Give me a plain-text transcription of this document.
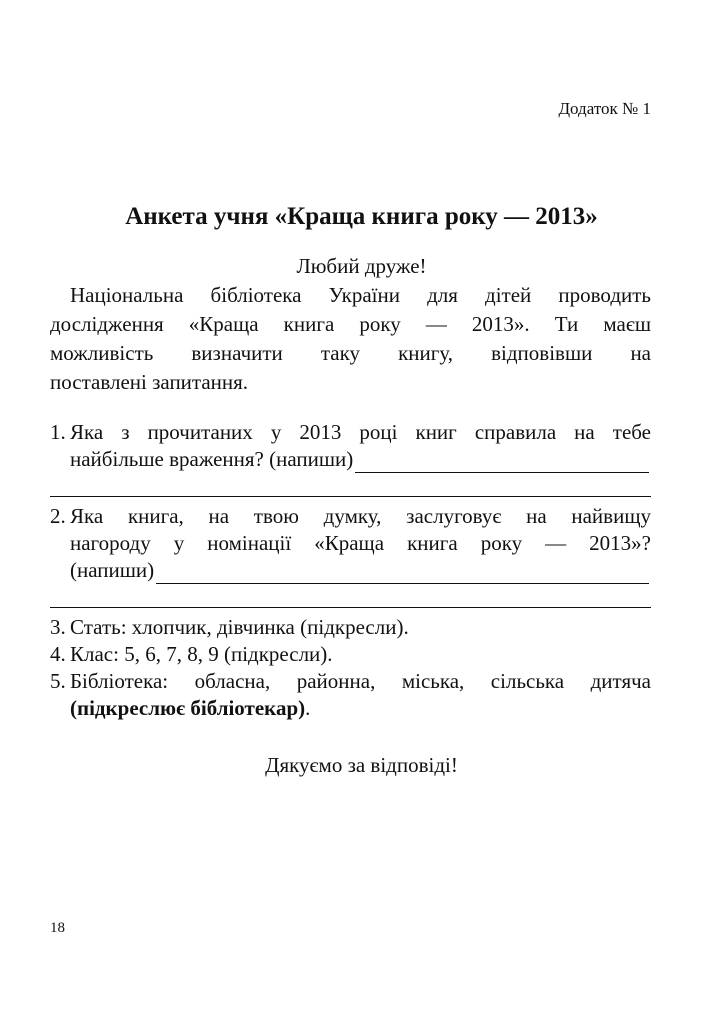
Додаток № 1
Анкета учня «Краща книга року — 2013»
Любий друже!
Національна бібліотека України для дітей проводить
дослідження «Краща книга року — 2013». Ти маєш
можливість визначити таку книгу, відповівши на
поставлені запитання.
1. Яка з прочитаних у 2013 році книг справила на тебе
найбільше враження? (напиши)
2. Яка книга, на твою думку, заслуговує на найвищу
нагороду у номінації «Краща книга року — 2013»?
(напиши)
3. Стать: хлопчик, дівчинка (підкресли).
4. Клас: 5, 6, 7, 8, 9 (підкресли).
5. Бібліотека: обласна, районна, міська, сільська дитяча
(підкреслює бібліотекар).
Дякуємо за відповіді!
18
